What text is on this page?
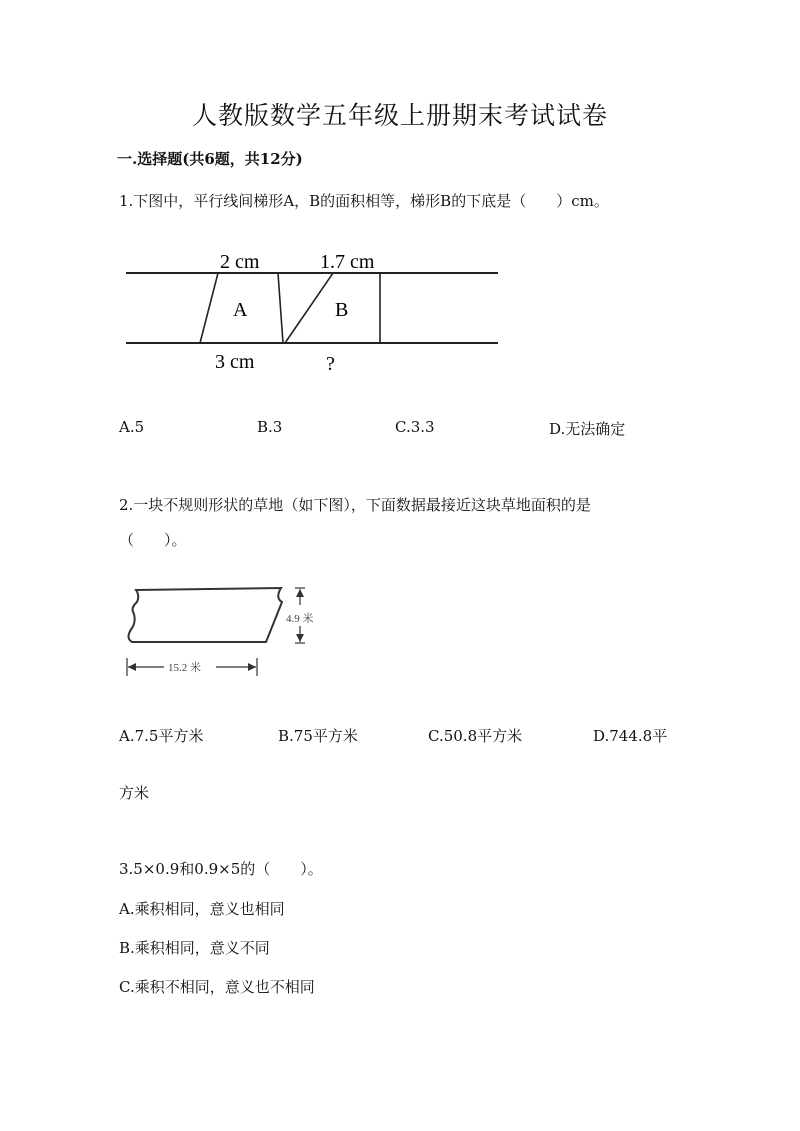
人教版数学五年级上册期末考试试卷
一.选择题(共6题，共12分)
1.下图中，平行线间梯形A，B的面积相等，梯形B的下底是（　　）cm。
2 cm	1.7 cm
A	B
3 cm	?
A.5	B.3	C.3.3	D.无法确定
2.一块不规则形状的草地（如下图），下面数据最接近这块草地面积的是
（　　）。
4.9 米
15.2 米
A.7.5平方米	B.75平方米	C.50.8平方米	D.744.8平
方米
3.5×0.9和0.9×5的（　　）。
A.乘积相同，意义也相同
B.乘积相同，意义不同
C.乘积不相同，意义也不相同
